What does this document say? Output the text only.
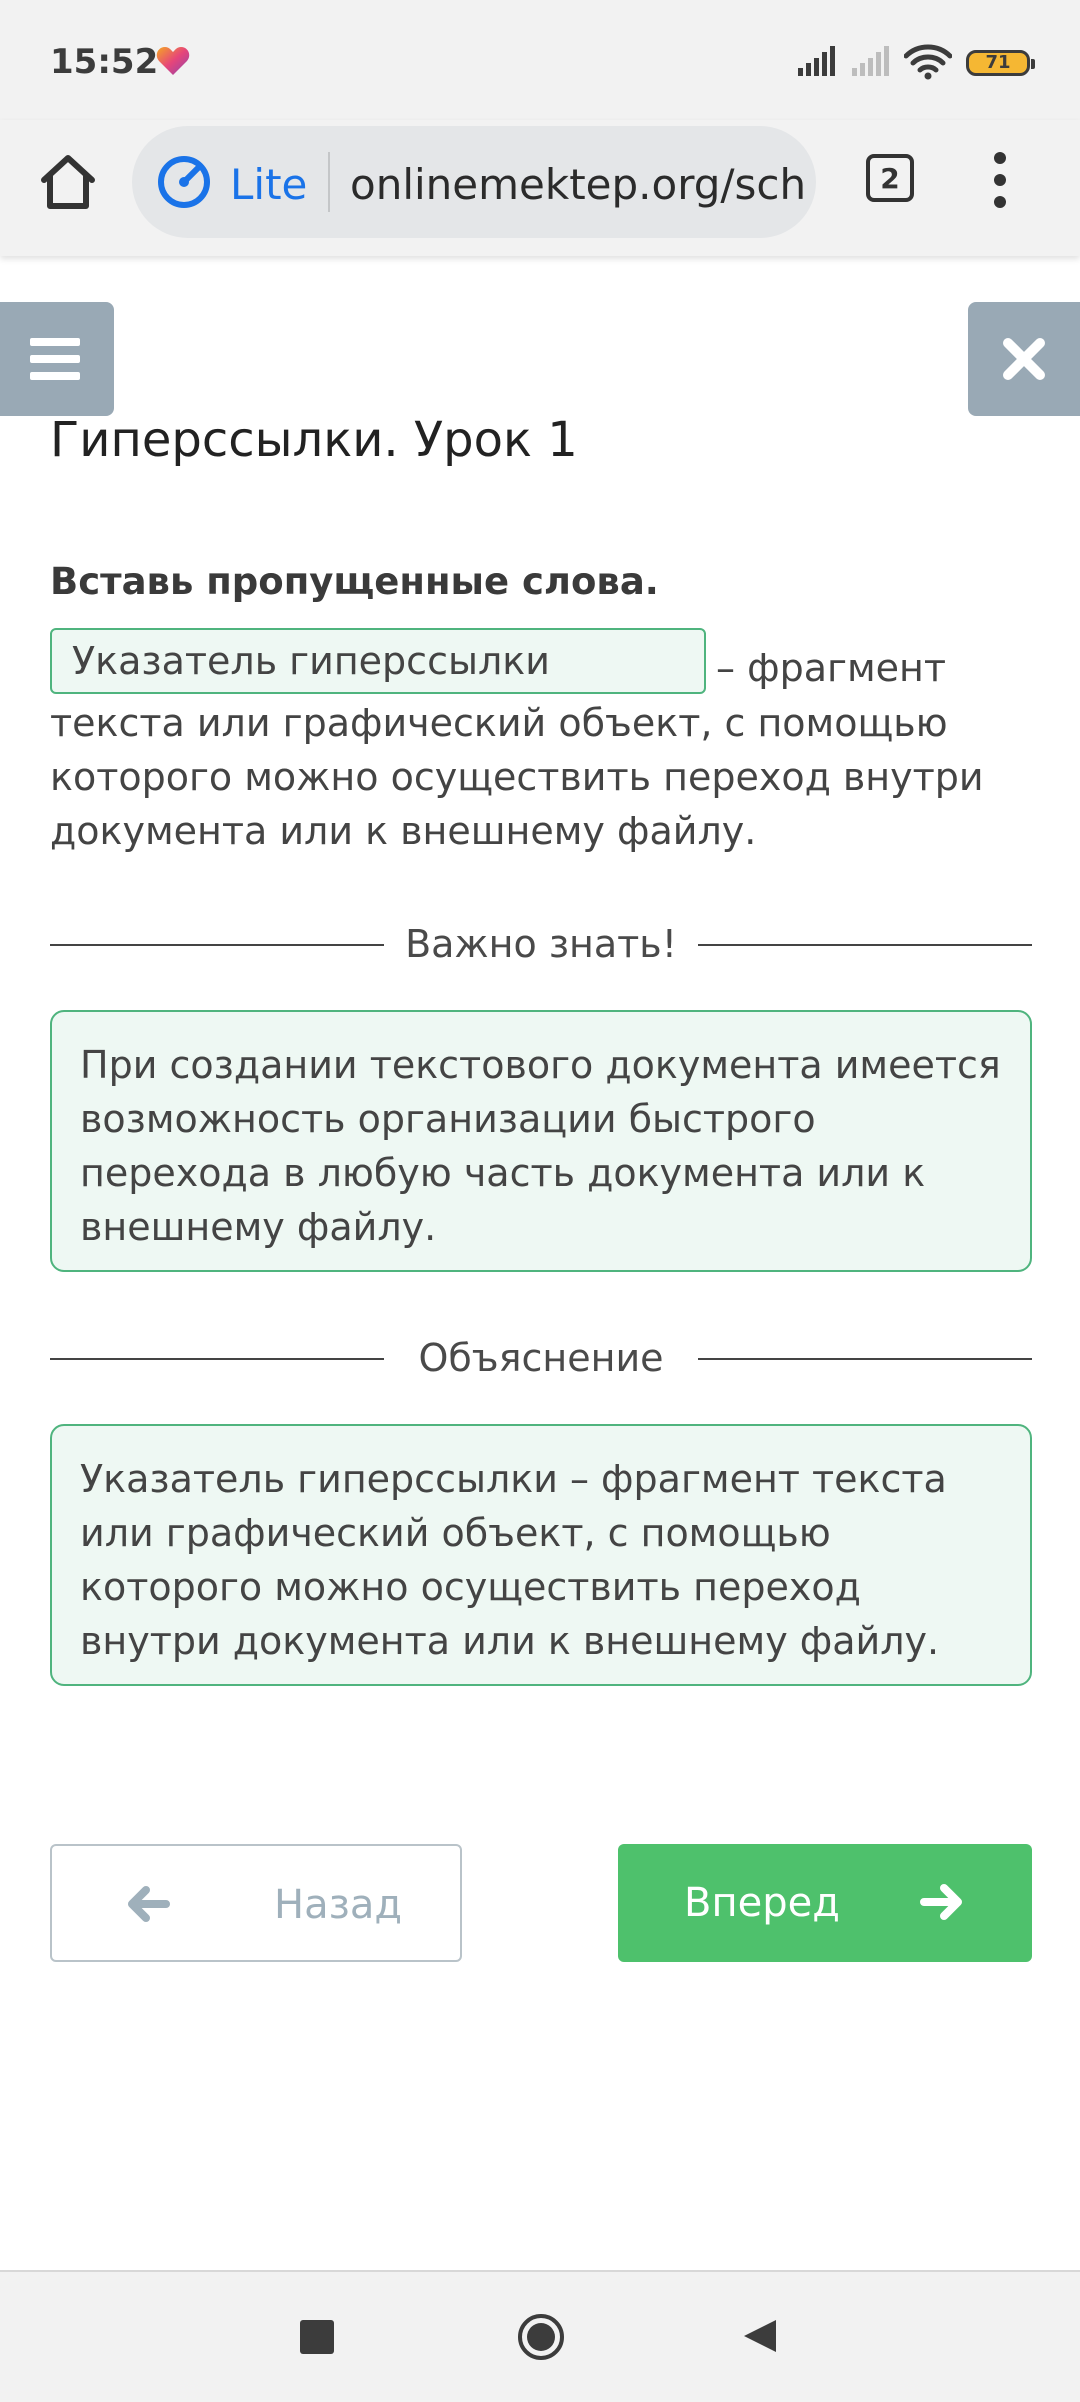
15:52	71
Lite onlinemektep.org/sch	2
Гиперссылки. Урок 1
Вставь пропущенные слова.
Указатель гиперссылки	– фрагмент
текста или графический объект, с помощью которого можно осуществить переход внутри документа или к внешнему файлу.
Важно знать!
При создании текстового документа имеется возможность организации быстрого перехода в любую часть документа или к внешнему файлу.
Объяснение
Указатель гиперссылки – фрагмент текста или графический объект, с помощью которого можно осуществить переход внутри документа или к внешнему файлу.
Назад	Вперед
